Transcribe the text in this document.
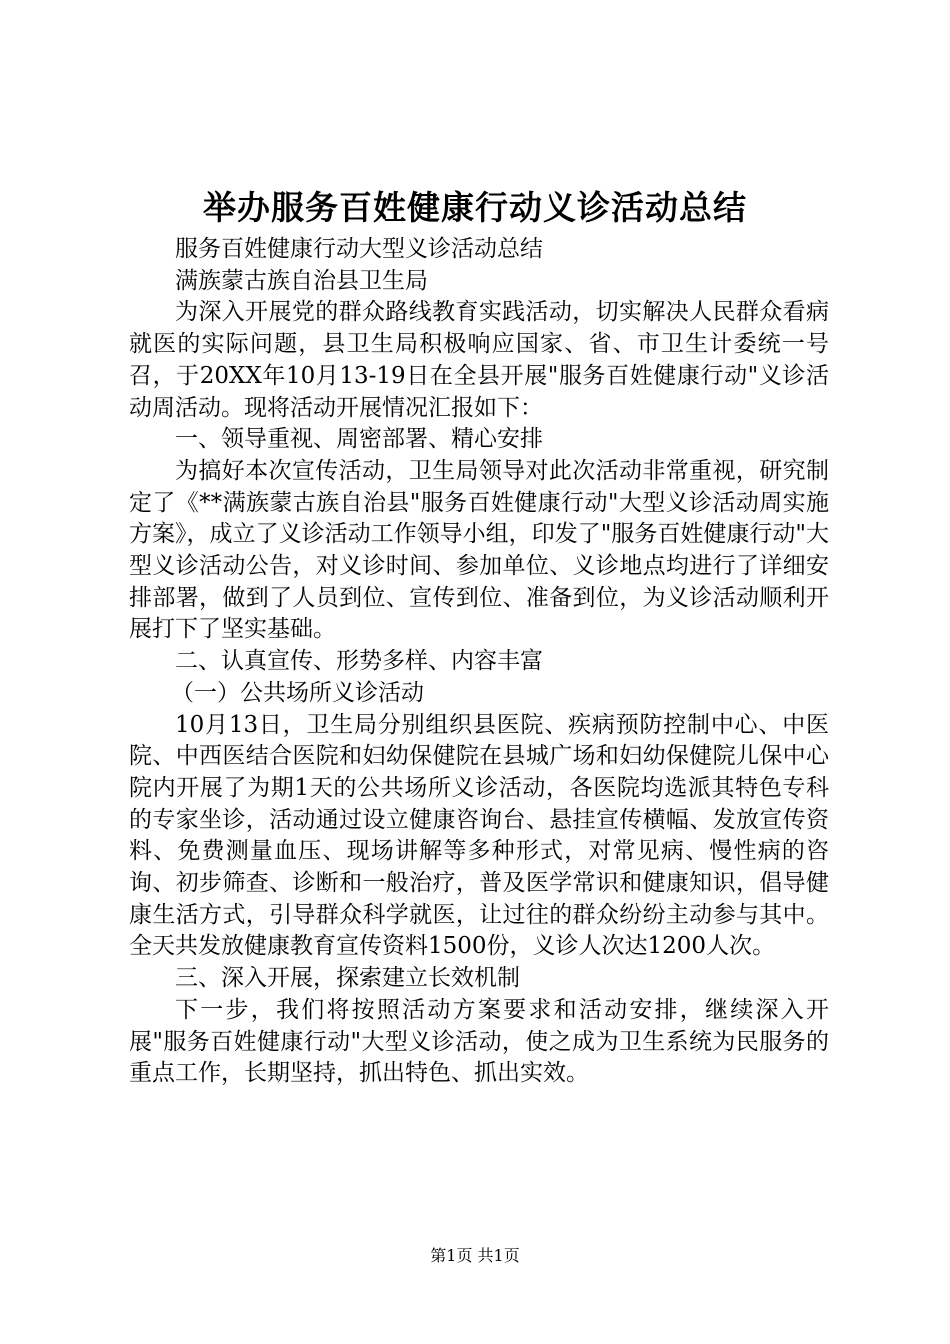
举办服务百姓健康行动义诊活动总结

服务百姓健康行动大型义诊活动总结

满族蒙古族自治县卫生局

为深入开展党的群众路线教育实践活动，切实解决人民群众看病就医的实际问题，县卫生局积极响应国家、省、市卫生计委统一号召，于20XX年10月13-19日在全县开展"服务百姓健康行动"义诊活动周活动。现将活动开展情况汇报如下：

一、领导重视、周密部署、精心安排

为搞好本次宣传活动，卫生局领导对此次活动非常重视，研究制定了《**满族蒙古族自治县"服务百姓健康行动"大型义诊活动周实施方案》，成立了义诊活动工作领导小组，印发了"服务百姓健康行动"大型义诊活动公告，对义诊时间、参加单位、义诊地点均进行了详细安排部署，做到了人员到位、宣传到位、准备到位，为义诊活动顺利开展打下了坚实基础。

二、认真宣传、形势多样、内容丰富

（一）公共场所义诊活动

10月13日，卫生局分别组织县医院、疾病预防控制中心、中医院、中西医结合医院和妇幼保健院在县城广场和妇幼保健院儿保中心院内开展了为期1天的公共场所义诊活动，各医院均选派其特色专科的专家坐诊，活动通过设立健康咨询台、悬挂宣传横幅、发放宣传资料、免费测量血压、现场讲解等多种形式，对常见病、慢性病的咨询、初步筛查、诊断和一般治疗，普及医学常识和健康知识，倡导健康生活方式，引导群众科学就医，让过往的群众纷纷主动参与其中。全天共发放健康教育宣传资料1500份，义诊人次达1200人次。

三、深入开展，探索建立长效机制

下一步，我们将按照活动方案要求和活动安排，继续深入开展"服务百姓健康行动"大型义诊活动，使之成为卫生系统为民服务的重点工作，长期坚持，抓出特色、抓出实效。

第1页 共1页
